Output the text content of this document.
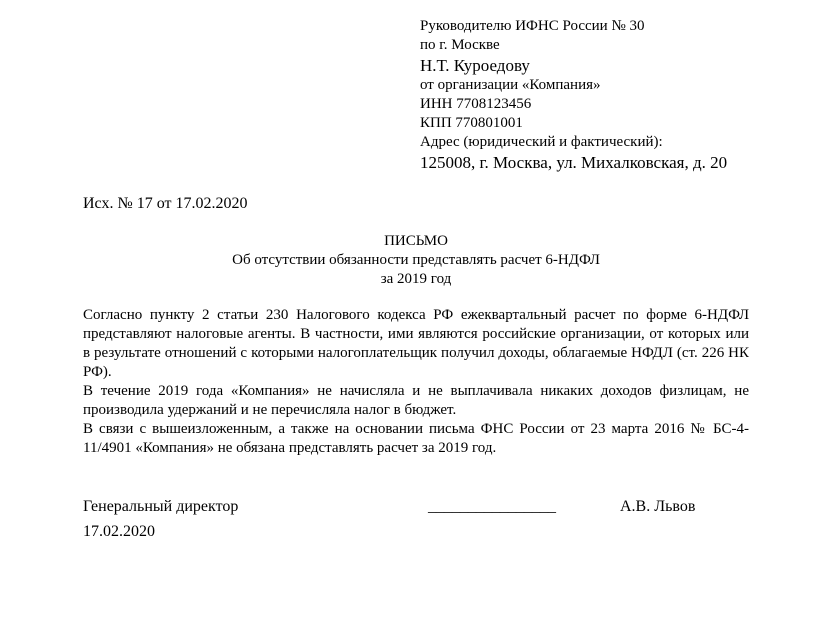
Руководителю ИФНС России № 30
по г. Москве
Н.Т. Куроедову
от организации «Компания»
ИНН 7708123456
КПП 770801001
Адрес (юридический и фактический):
125008, г. Москва, ул. Михалковская, д. 20
Исх. № 17 от 17.02.2020
ПИСЬМО
Об отсутствии обязанности представлять расчет 6-НДФЛ
за 2019 год

Согласно пункту 2 статьи 230 Налогового кодекса РФ ежеквартальный расчет по форме 6-НДФЛ представляют налоговые агенты. В частности, ими являются российские организации, от которых или в результате отношений с которыми налогоплательщик получил доходы, облагаемые НФДЛ (ст. 226 НК РФ).

В течение 2019 года «Компания» не начисляла и не выплачивала никаких доходов физлицам, не производила удержаний и не перечисляла налог в бюджет.

В связи с вышеизложенным, а также на основании письма ФНС России от 23 марта 2016 № БС-4-11/4901 «Компания» не обязана представлять расчет за 2019 год.

Генеральный директор	________________	А.В. Львов
17.02.2020
